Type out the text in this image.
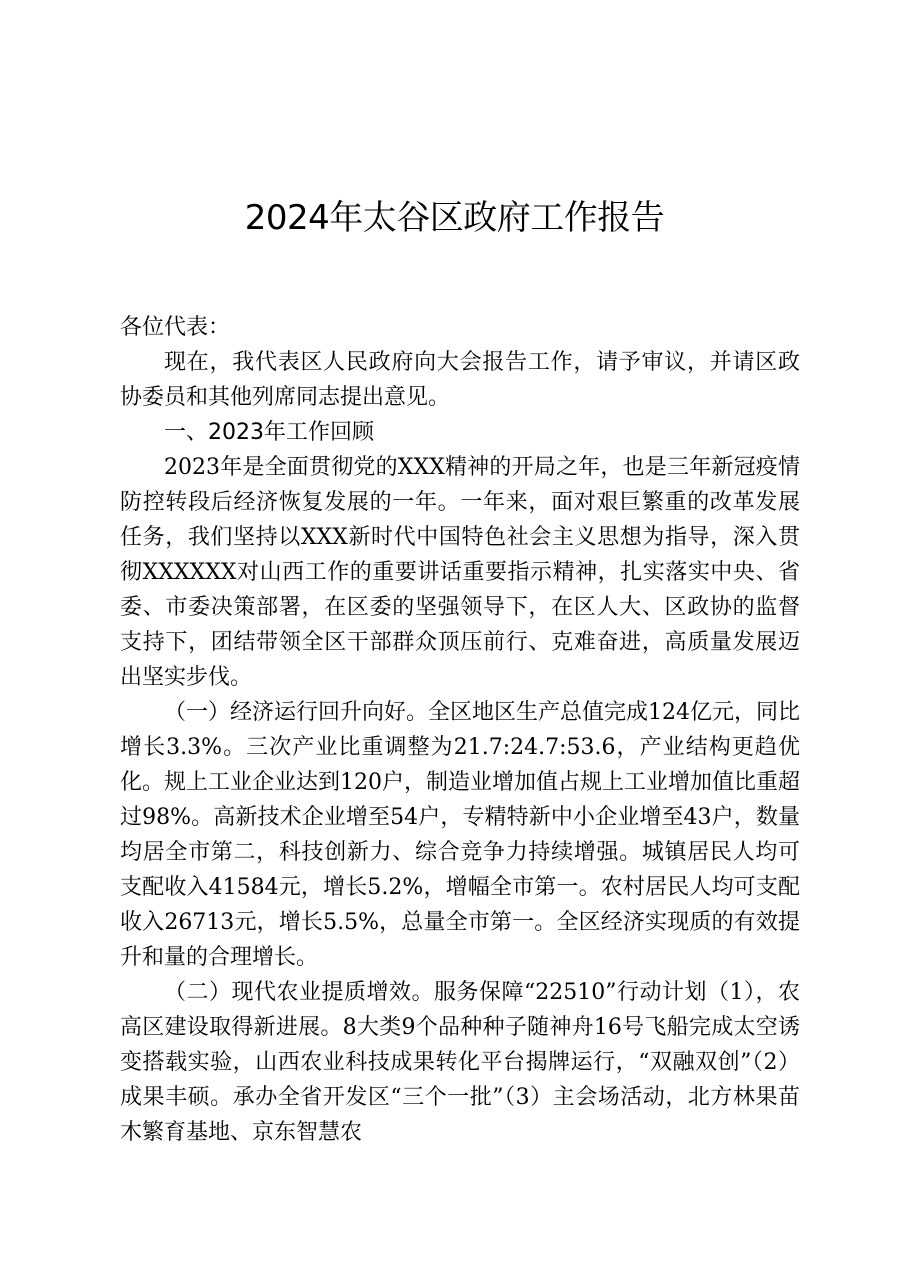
2024年太谷区政府工作报告

各位代表：

现在，我代表区人民政府向大会报告工作，请予审议，并请区政协委员和其他列席同志提出意见。

一、2023年工作回顾

2023年是全面贯彻党的XXX精神的开局之年，也是三年新冠疫情防控转段后经济恢复发展的一年。一年来，面对艰巨繁重的改革发展任务，我们坚持以XXX新时代中国特色社会主义思想为指导，深入贯彻XXXXXX对山西工作的重要讲话重要指示精神，扎实落实中央、省委、市委决策部署，在区委的坚强领导下，在区人大、区政协的监督支持下，团结带领全区干部群众顶压前行、克难奋进，高质量发展迈出坚实步伐。

（一）经济运行回升向好。全区地区生产总值完成124亿元，同比增长3.3%。三次产业比重调整为21.7:24.7:53.6，产业结构更趋优化。规上工业企业达到120户，制造业增加值占规上工业增加值比重超过98%。高新技术企业增至54户，专精特新中小企业增至43户，数量均居全市第二，科技创新力、综合竞争力持续增强。城镇居民人均可支配收入41584元，增长5.2%，增幅全市第一。农村居民人均可支配收入26713元，增长5.5%，总量全市第一。全区经济实现质的有效提升和量的合理增长。

（二）现代农业提质增效。服务保障“22510”行动计划（1），农高区建设取得新进展。8大类9个品种种子随神舟16号飞船完成太空诱变搭载实验，山西农业科技成果转化平台揭牌运行，“双融双创”（2）成果丰硕。承办全省开发区“三个一批”（3）主会场活动，北方林果苗木繁育基地、京东智慧农
